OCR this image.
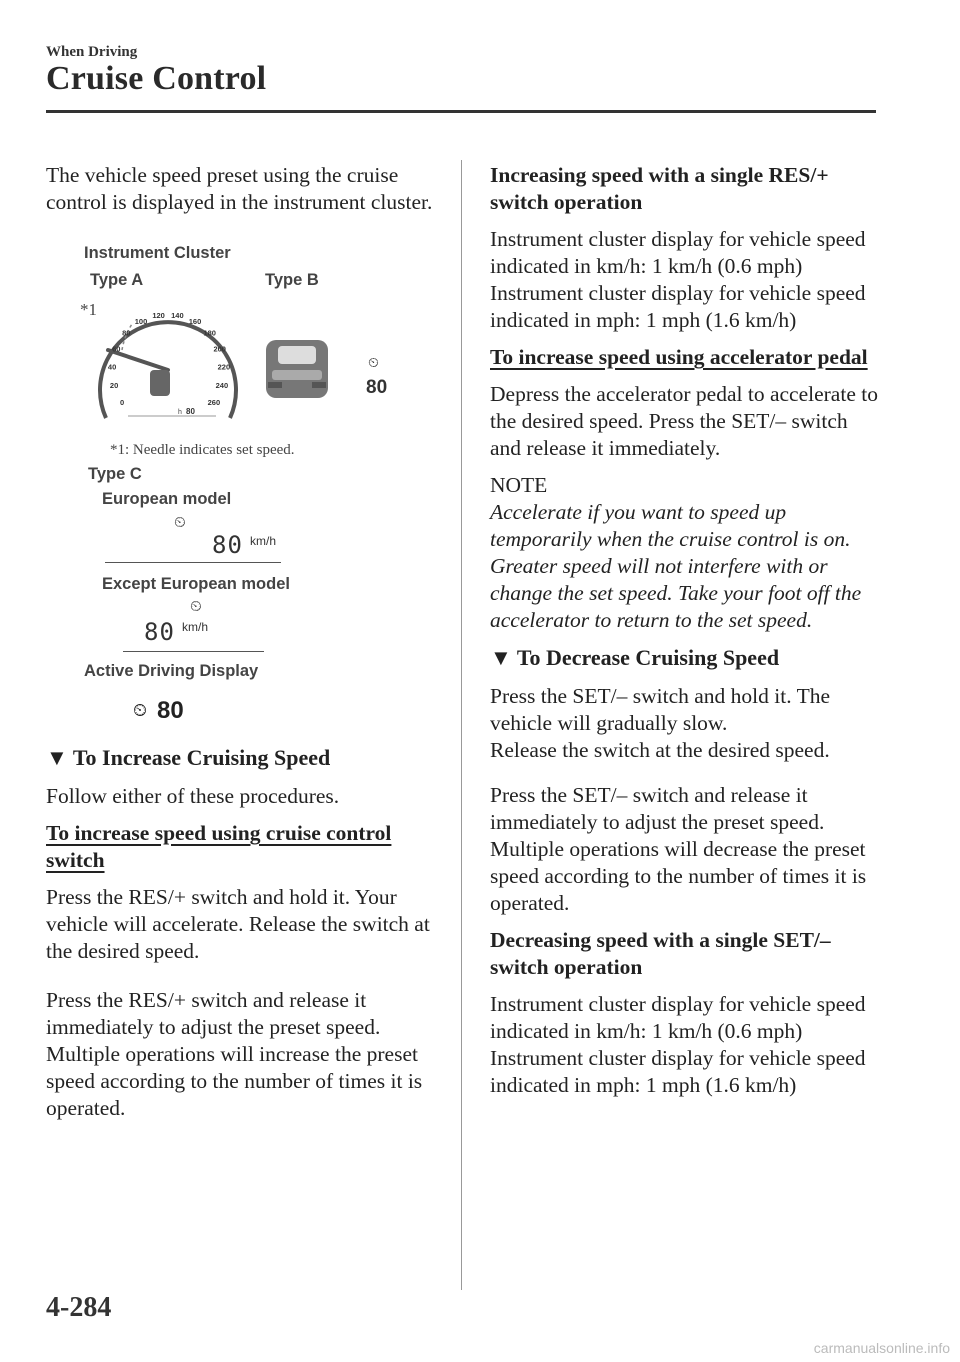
When Driving
Cruise Control
The vehicle speed preset using the cruise control is displayed in the instrument cluster.
Instrument Cluster
Type A	Type B
*1
0
20
40
60
80
100
120 140
160
180
200
220
240
260
h 80
⏲
80
*1: Needle indicates set speed.
Type C
European model
⏲
80 km/h
Except European model
⏲
80 km/h
Active Driving Display
⏲ 80
▼ To Increase Cruising Speed

Follow either of these procedures.

To increase speed using cruise control switch

Press the RES/+ switch and hold it. Your vehicle will accelerate. Release the switch at the desired speed.

Press the RES/+ switch and release it immediately to adjust the preset speed. Multiple operations will increase the preset speed according to the number of times it is operated.

Increasing speed with a single RES/+ switch operation

Instrument cluster display for vehicle speed indicated in km/h: 1 km/h (0.6 mph)

Instrument cluster display for vehicle speed indicated in mph: 1 mph (1.6 km/h)

To increase speed using accelerator pedal

Depress the accelerator pedal to accelerate to the desired speed. Press the SET/– switch and release it immediately.

NOTE

Accelerate if you want to speed up temporarily when the cruise control is on. Greater speed will not interfere with or change the set speed. Take your foot off the accelerator to return to the set speed.

▼ To Decrease Cruising Speed

Press the SET/– switch and hold it. The vehicle will gradually slow.

Release the switch at the desired speed.

Press the SET/– switch and release it immediately to adjust the preset speed. Multiple operations will decrease the preset speed according to the number of times it is operated.

Decreasing speed with a single SET/– switch operation

Instrument cluster display for vehicle speed indicated in km/h: 1 km/h (0.6 mph)

Instrument cluster display for vehicle speed indicated in mph: 1 mph (1.6 km/h)

4-284
carmanualsonline.info
